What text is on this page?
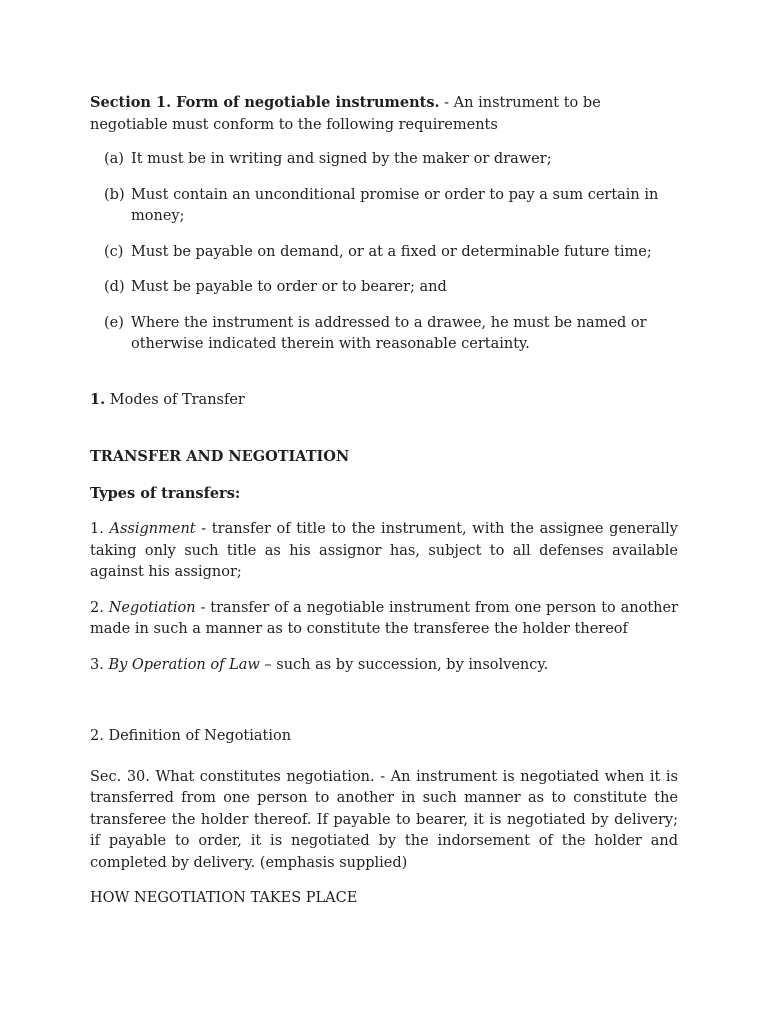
Section 1. Form of negotiable instruments. - An instrument to be negotiable must conform to the following requirements

(a) It must be in writing and signed by the maker or drawer;
(b) Must contain an unconditional promise or order to pay a sum certain in money;
(c) Must be payable on demand, or at a fixed or determinable future time;
(d) Must be payable to order or to bearer; and
(e) Where the instrument is addressed to a drawee, he must be named or otherwise indicated therein with reasonable certainty.

1. Modes of Transfer

TRANSFER AND NEGOTIATION

Types of transfers:

1. Assignment - transfer of title to the instrument, with the assignee generally taking only such title as his assignor has, subject to all defenses available against his assignor;

2. Negotiation - transfer of a negotiable instrument from one person to another made in such a manner as to constitute the transferee the holder thereof

3. By Operation of Law – such as by succession, by insolvency.

2. Definition of Negotiation

Sec. 30. What constitutes negotiation. - An instrument is negotiated when it is transferred from one person to another in such manner as to constitute the transferee the holder thereof. If payable to bearer, it is negotiated by delivery; if payable to order, it is negotiated by the indorsement of the holder and completed by delivery. (emphasis supplied)

HOW NEGOTIATION TAKES PLACE
